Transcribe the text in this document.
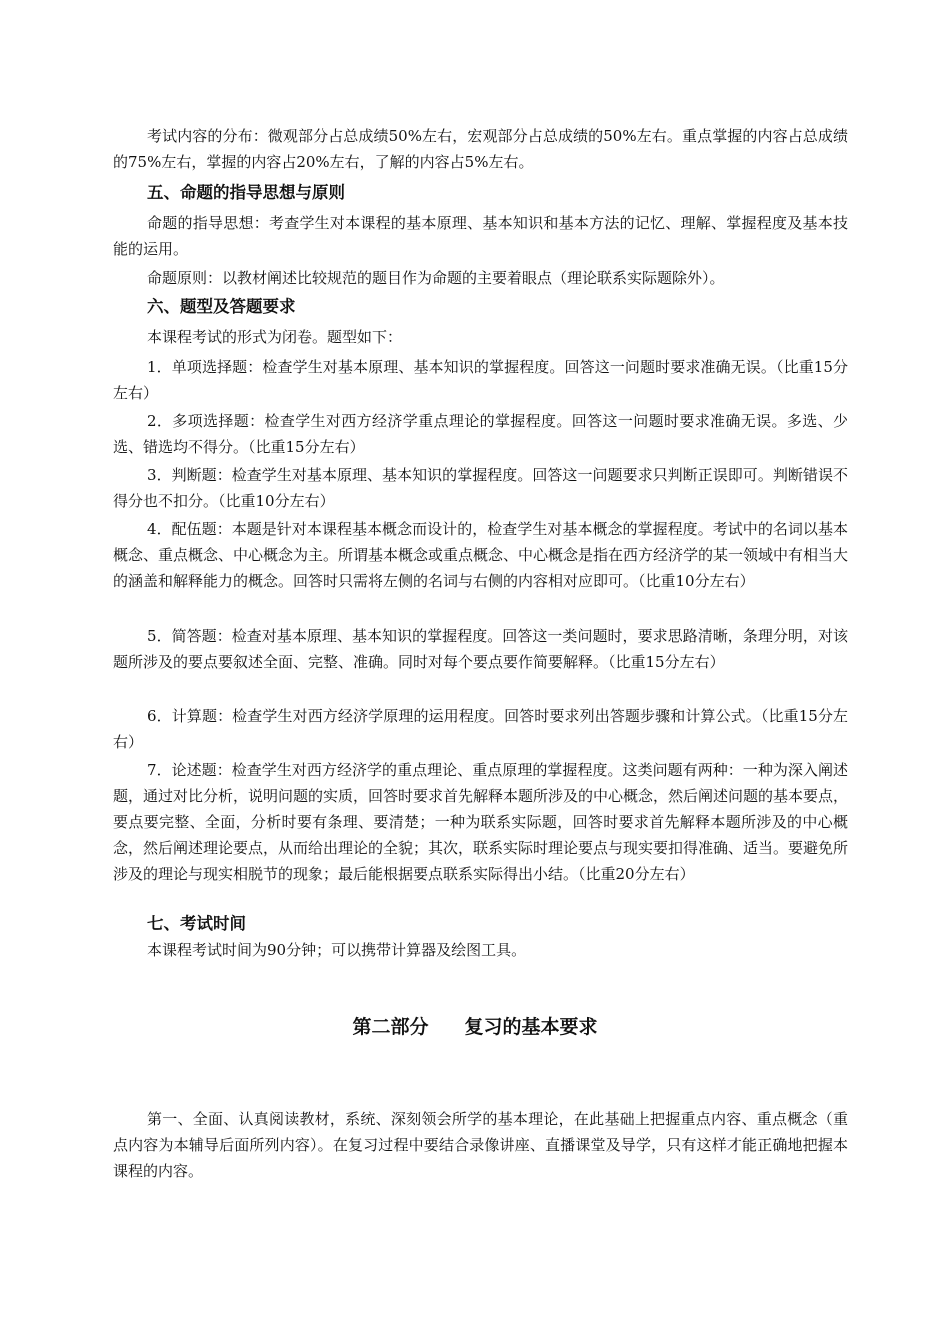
考试内容的分布：微观部分占总成绩50%左右，宏观部分占总成绩的50%左右。重点掌握的内容占总成绩的75%左右，掌握的内容占20%左右，了解的内容占5%左右。

五、命题的指导思想与原则

命题的指导思想：考查学生对本课程的基本原理、基本知识和基本方法的记忆、理解、掌握程度及基本技能的运用。

命题原则：以教材阐述比较规范的题目作为命题的主要着眼点（理论联系实际题除外）。

六、题型及答题要求

本课程考试的形式为闭卷。题型如下：

1．单项选择题：检查学生对基本原理、基本知识的掌握程度。回答这一问题时要求准确无误。（比重15分左右）

2．多项选择题：检查学生对西方经济学重点理论的掌握程度。回答这一问题时要求准确无误。多选、少选、错选均不得分。（比重15分左右）

3．判断题：检查学生对基本原理、基本知识的掌握程度。回答这一问题要求只判断正误即可。判断错误不得分也不扣分。（比重10分左右）

4．配伍题：本题是针对本课程基本概念而设计的，检查学生对基本概念的掌握程度。考试中的名词以基本概念、重点概念、中心概念为主。所谓基本概念或重点概念、中心概念是指在西方经济学的某一领域中有相当大的涵盖和解释能力的概念。回答时只需将左侧的名词与右侧的内容相对应即可。（比重10分左右）

5．简答题：检查对基本原理、基本知识的掌握程度。回答这一类问题时，要求思路清晰，条理分明，对该题所涉及的要点要叙述全面、完整、准确。同时对每个要点要作简要解释。（比重15分左右）

6．计算题：检查学生对西方经济学原理的运用程度。回答时要求列出答题步骤和计算公式。（比重15分左右）

7．论述题：检查学生对西方经济学的重点理论、重点原理的掌握程度。这类问题有两种：一种为深入阐述题，通过对比分析，说明问题的实质，回答时要求首先解释本题所涉及的中心概念，然后阐述问题的基本要点，要点要完整、全面，分析时要有条理、要清楚；一种为联系实际题，回答时要求首先解释本题所涉及的中心概念，然后阐述理论要点，从而给出理论的全貌；其次，联系实际时理论要点与现实要扣得准确、适当。要避免所涉及的理论与现实相脱节的现象；最后能根据要点联系实际得出小结。（比重20分左右）

七、考试时间

本课程考试时间为90分钟；可以携带计算器及绘图工具。

第二部分 复习的基本要求

第一、全面、认真阅读教材，系统、深刻领会所学的基本理论，在此基础上把握重点内容、重点概念（重点内容为本辅导后面所列内容）。在复习过程中要结合录像讲座、直播课堂及导学，只有这样才能正确地把握本课程的内容。
